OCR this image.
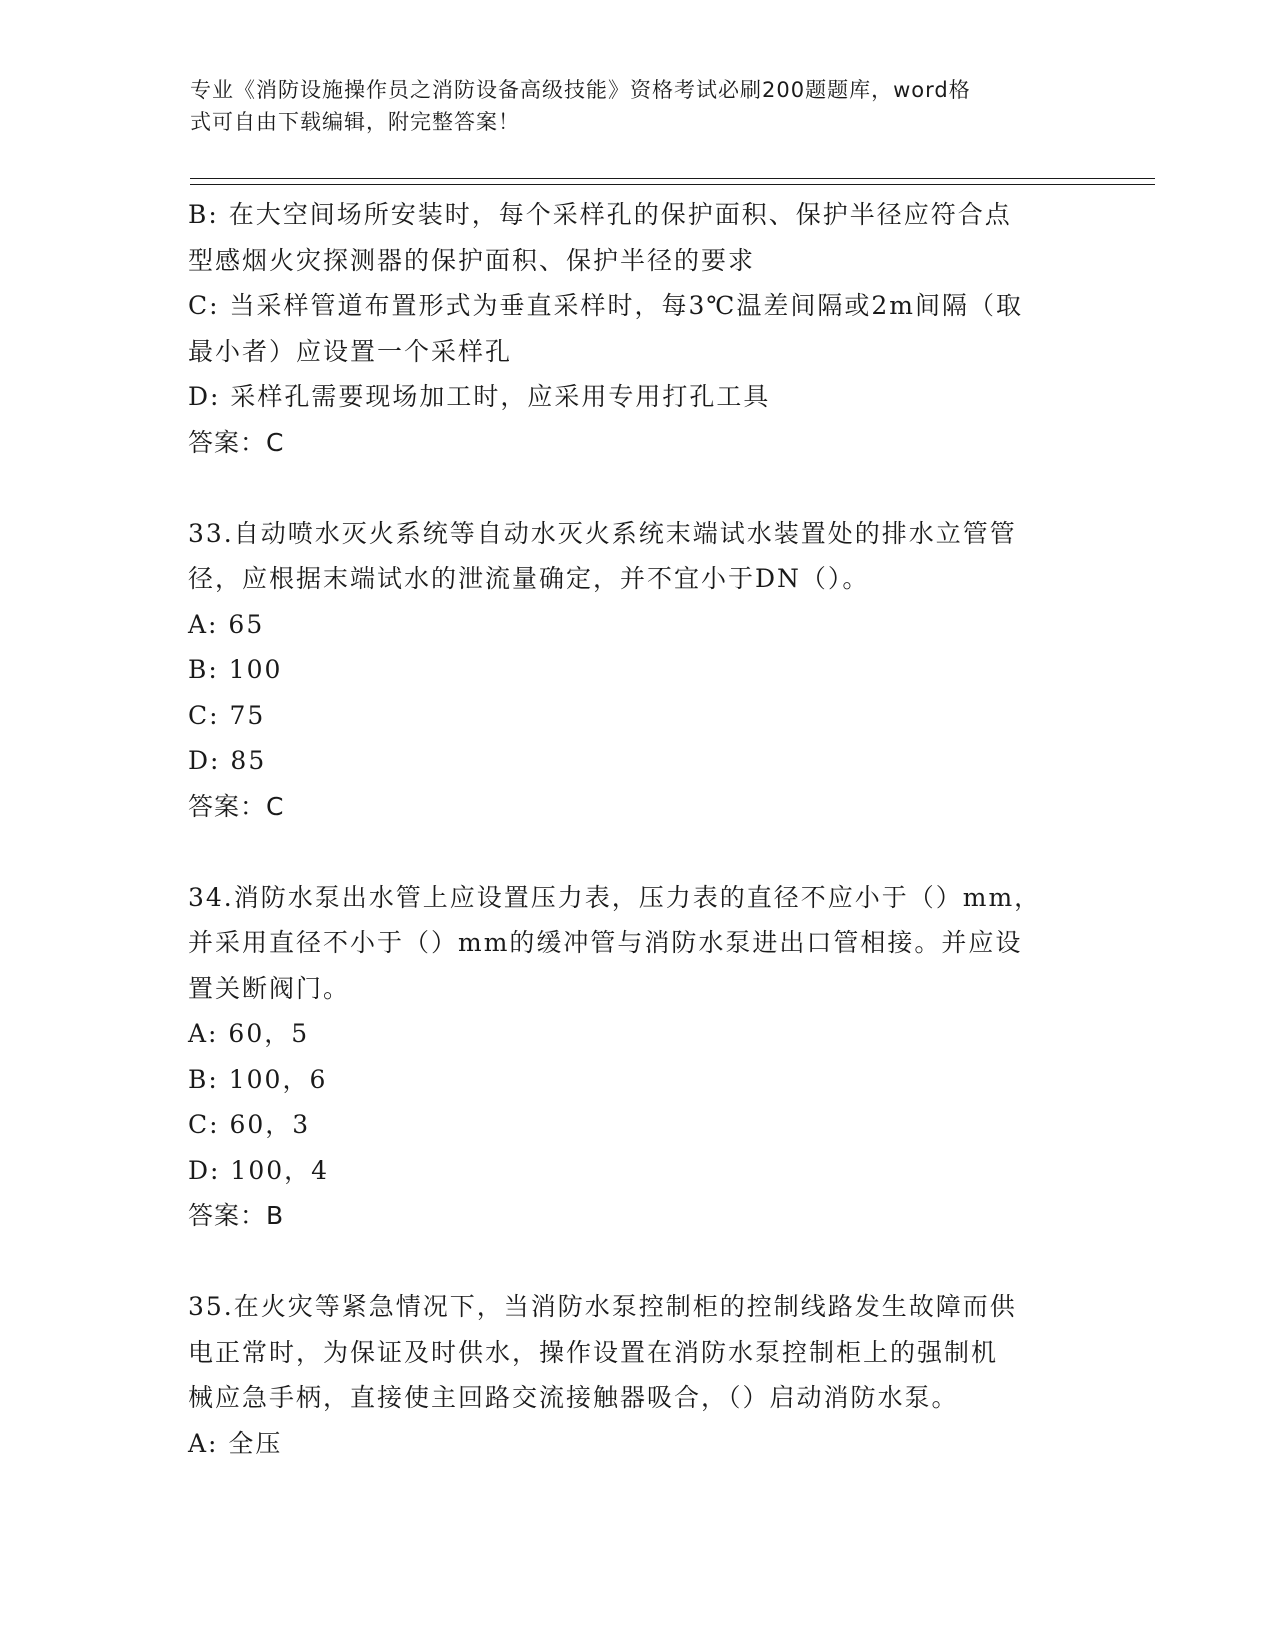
专业《消防设施操作员之消防设备高级技能》资格考试必刷200题题库，word格
式可自由下载编辑，附完整答案！
B: 在大空间场所安装时，每个采样孔的保护面积、保护半径应符合点
型感烟火灾探测器的保护面积、保护半径的要求
C: 当采样管道布置形式为垂直采样时，每3℃温差间隔或2m间隔（取
最小者）应设置一个采样孔
D: 采样孔需要现场加工时，应采用专用打孔工具
答案：C
33.自动喷水灭火系统等自动水灭火系统末端试水装置处的排水立管管
径，应根据末端试水的泄流量确定，并不宜小于DN（）。
A: 65
B: 100
C: 75
D: 85
答案：C
34.消防水泵出水管上应设置压力表，压力表的直径不应小于（）mm，
并采用直径不小于（）mm的缓冲管与消防水泵进出口管相接。并应设
置关断阀门。
A: 60，5
B: 100，6
C: 60，3
D: 100，4
答案：B
35.在火灾等紧急情况下，当消防水泵控制柜的控制线路发生故障而供
电正常时，为保证及时供水，操作设置在消防水泵控制柜上的强制机
械应急手柄，直接使主回路交流接触器吸合，（）启动消防水泵。
A: 全压
